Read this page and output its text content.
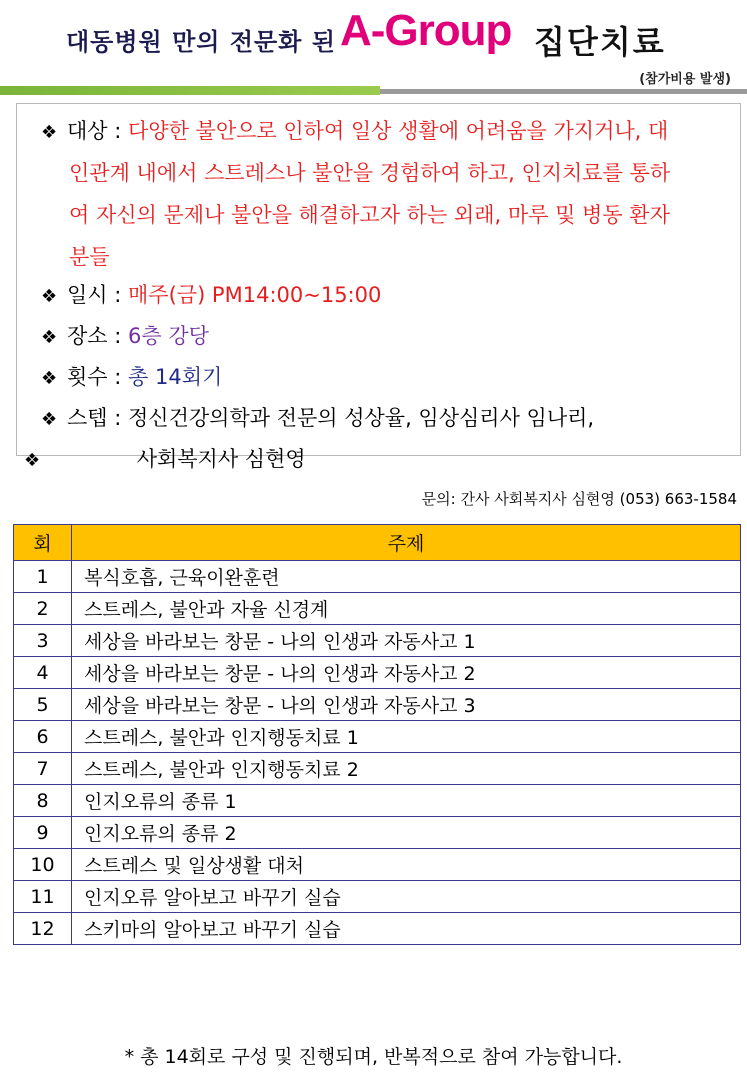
대동병원 만의 전문화 된 A-Group 집단치료
(참가비용 발생)
❖ 대상 : 다양한 불안으로 인하여 일상 생활에 어려움을 가지거나, 대
인관계 내에서 스트레스나 불안을 경험하여 하고, 인지치료를 통하
여 자신의 문제나 불안을 해결하고자 하는 외래, 마루 및 병동 환자
분들
❖ 일시 : 매주(금) PM14:00~15:00
❖ 장소 : 6층 강당
❖ 횟수 : 총 14회기
❖ 스텝 : 정신건강의학과 전문의 성상율, 임상심리사 임나리,
❖	사회복지사 심현영
문의: 간사 사회복지사 심현영 (053) 663-1584
회	주제
1	복식호흡, 근육이완훈련
2	스트레스, 불안과 자율 신경계
3	세상을 바라보는 창문 - 나의 인생과 자동사고 1
4	세상을 바라보는 창문 - 나의 인생과 자동사고 2
5	세상을 바라보는 창문 - 나의 인생과 자동사고 3
6	스트레스, 불안과 인지행동치료 1
7	스트레스, 불안과 인지행동치료 2
8	인지오류의 종류 1
9	인지오류의 종류 2
10	스트레스 및 일상생활 대처
11	인지오류 알아보고 바꾸기 실습
12	스키마의 알아보고 바꾸기 실습
* 총 14회로 구성 및 진행되며, 반복적으로 참여 가능합니다.
